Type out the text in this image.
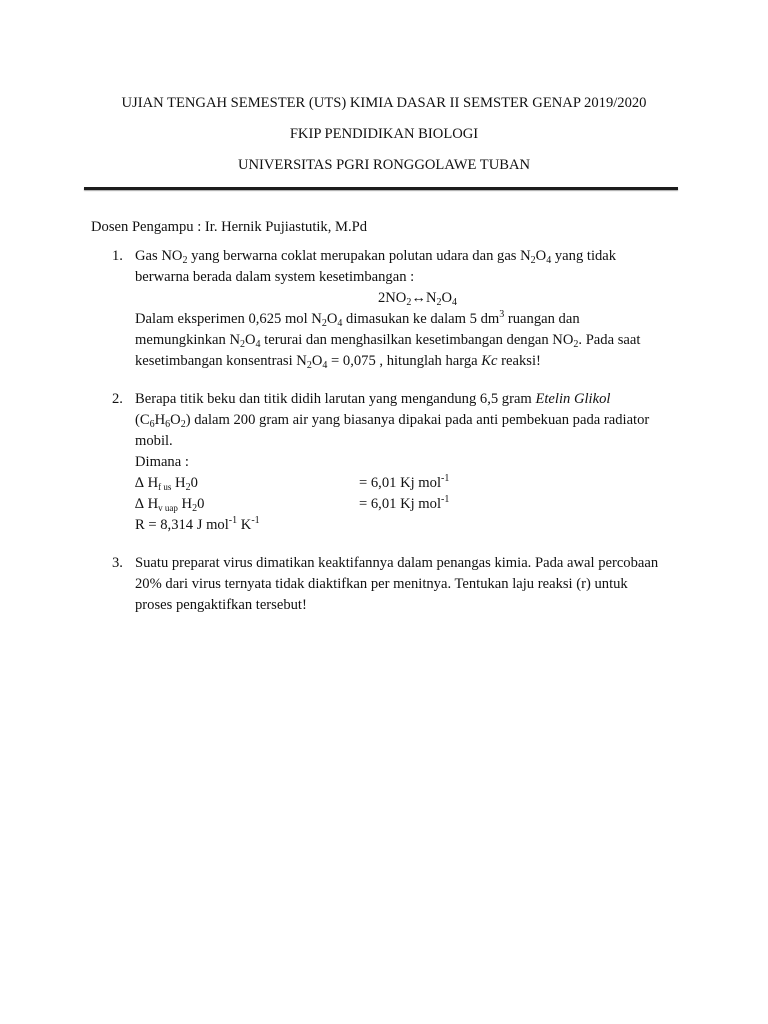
UJIAN TENGAH SEMESTER (UTS) KIMIA DASAR II SEMSTER GENAP 2019/2020
FKIP PENDIDIKAN BIOLOGI
UNIVERSITAS PGRI RONGGOLAWE TUBAN
Dosen Pengampu : Ir. Hernik Pujiastutik, M.Pd
1. Gas $NO_2$ yang berwarna coklat merupakan polutan udara dan gas $N_2O_4$ yang tidak
berwarna berada dalam system kesetimbangan :
$2NO_2\leftrightarrow N_2O_4$
Dalam eksperimen 0,625 mol $N_2O_4$ dimasukan ke dalam 5 $dm^3$ ruangan dan
memungkinkan $N_2O_4$ terurai dan menghasilkan kesetimbangan dengan $NO_2$. Pada saat
kesetimbangan konsentrasi $N_2O_4 = 0,075$ , hitunglah harga Kc reaksi!
2. Berapa titik beku dan titik didih larutan yang mengandung 6,5 gram Etelin Glikol
$(C_6H_6O_2)$ dalam 200 gram air yang biasanya dipakai pada anti pembekuan pada radiator
mobil.
Dimana :
∆ $H_{f us}$ $H_20$	= 6,01 Kj mol$^{-1}$
∆ $H_{v uap}$ $H_20$	= 6,01 Kj mol$^{-1}$
R = 8,314 J mol$^{-1}$ $K^{-1}$
3. Suatu preparat virus dimatikan keaktifannya dalam penangas kimia. Pada awal percobaan
20% dari virus ternyata tidak diaktifkan per menitnya. Tentukan laju reaksi (r) untuk
proses pengaktifkan tersebut!
